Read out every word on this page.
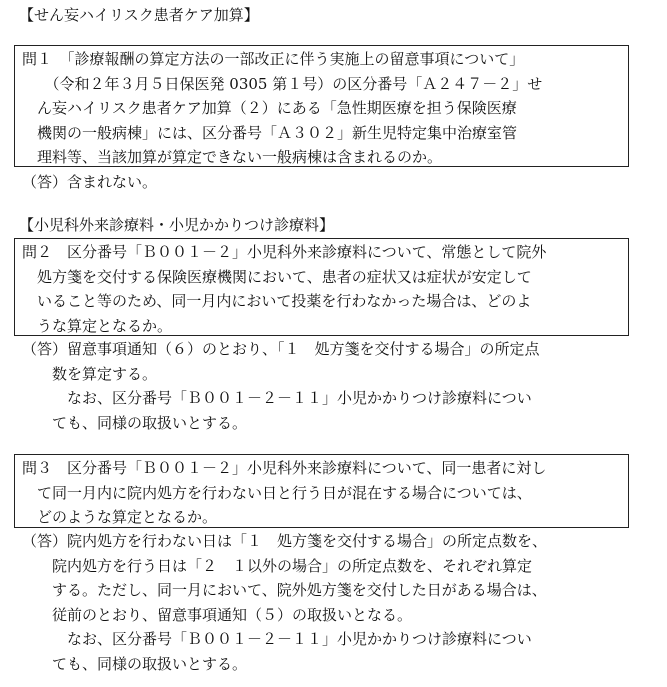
【せん妄ハイリスク患者ケア加算】
問１　「診療報酬の算定方法の一部改正に伴う実施上の留意事項について」
　　（令和２年３月５日保医発 0305 第１号）の区分番号「Ａ２４７－２」せ
　ん妄ハイリスク患者ケア加算（２）にある「急性期医療を担う保険医療
　機関の一般病棟」には、区分番号「Ａ３０２」新生児特定集中治療室管
　理料等、当該加算が算定できない一般病棟は含まれるのか。
（答）含まれない。
【小児科外来診療料・小児かかりつけ診療料】
問２　区分番号「Ｂ００１－２」小児科外来診療料について、常態として院外
　処方箋を交付する保険医療機関において、患者の症状又は症状が安定して
　いること等のため、同一月内において投薬を行わなかった場合は、どのよ
　うな算定となるか。
（答）留意事項通知（６）のとおり、「１　処方箋を交付する場合」の所定点
　　数を算定する。
　　　なお、区分番号「Ｂ００１－２－１１」小児かかりつけ診療料につい
　　ても、同様の取扱いとする。
問３　区分番号「Ｂ００１－２」小児科外来診療料について、同一患者に対し
　て同一月内に院内処方を行わない日と行う日が混在する場合については、
　どのような算定となるか。
（答）院内処方を行わない日は「１　処方箋を交付する場合」の所定点数を、
　　院内処方を行う日は「２　１以外の場合」の所定点数を、それぞれ算定
　　する。ただし、同一月において、院外処方箋を交付した日がある場合は、
　　従前のとおり、留意事項通知（５）の取扱いとなる。
　　　なお、区分番号「Ｂ００１－２－１１」小児かかりつけ診療料につい
　　ても、同様の取扱いとする。
